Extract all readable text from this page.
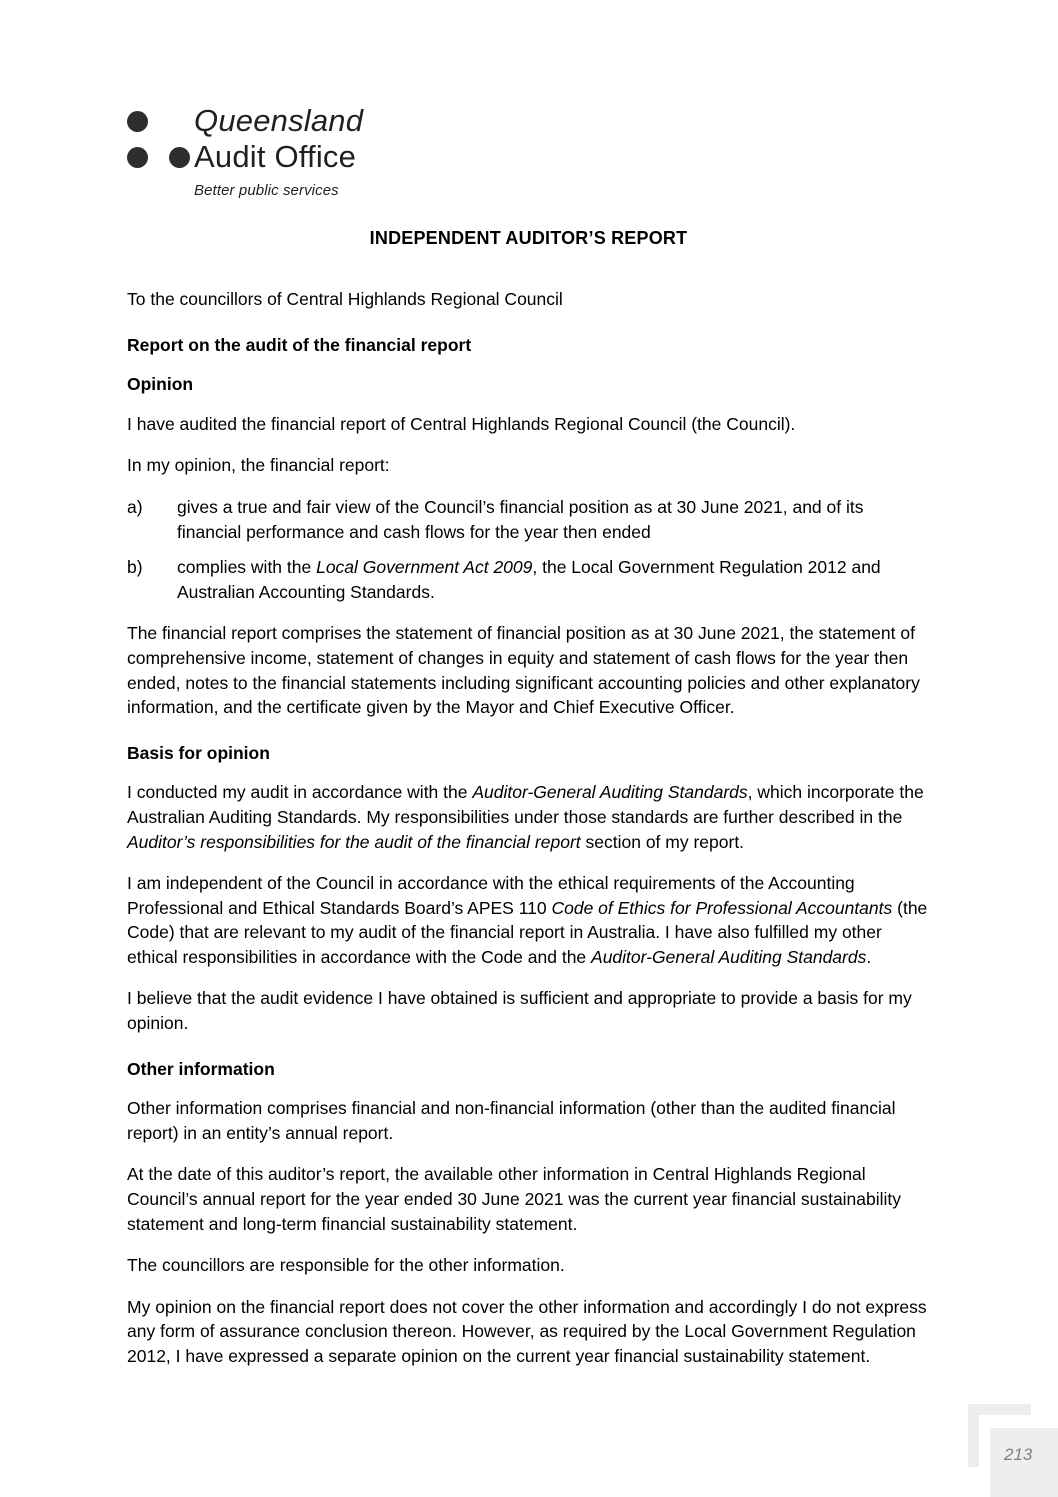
Queensland
Audit Office
Better public services
INDEPENDENT AUDITOR’S REPORT

To the councillors of Central Highlands Regional Council

Report on the audit of the financial report
Opinion

I have audited the financial report of Central Highlands Regional Council (the Council).

In my opinion, the financial report:

a) gives a true and fair view of the Council’s financial position as at 30 June 2021, and of its financial performance and cash flows for the year then ended
b) complies with the Local Government Act 2009, the Local Government Regulation 2012 and Australian Accounting Standards.

The financial report comprises the statement of financial position as at 30 June 2021, the statement of comprehensive income, statement of changes in equity and statement of cash flows for the year then ended, notes to the financial statements including significant accounting policies and other explanatory information, and the certificate given by the Mayor and Chief Executive Officer.

Basis for opinion

I conducted my audit in accordance with the Auditor-General Auditing Standards, which incorporate the Australian Auditing Standards. My responsibilities under those standards are further described in the Auditor’s responsibilities for the audit of the financial report section of my report.

I am independent of the Council in accordance with the ethical requirements of the Accounting Professional and Ethical Standards Board’s APES 110 Code of Ethics for Professional Accountants (the Code) that are relevant to my audit of the financial report in Australia. I have also fulfilled my other ethical responsibilities in accordance with the Code and the Auditor-General Auditing Standards.

I believe that the audit evidence I have obtained is sufficient and appropriate to provide a basis for my opinion.

Other information

Other information comprises financial and non-financial information (other than the audited financial report) in an entity’s annual report.

At the date of this auditor’s report, the available other information in Central Highlands Regional Council’s annual report for the year ended 30 June 2021 was the current year financial sustainability statement and long-term financial sustainability statement.

The councillors are responsible for the other information.

My opinion on the financial report does not cover the other information and accordingly I do not express any form of assurance conclusion thereon. However, as required by the Local Government Regulation 2012, I have expressed a separate opinion on the current year financial sustainability statement.

213
